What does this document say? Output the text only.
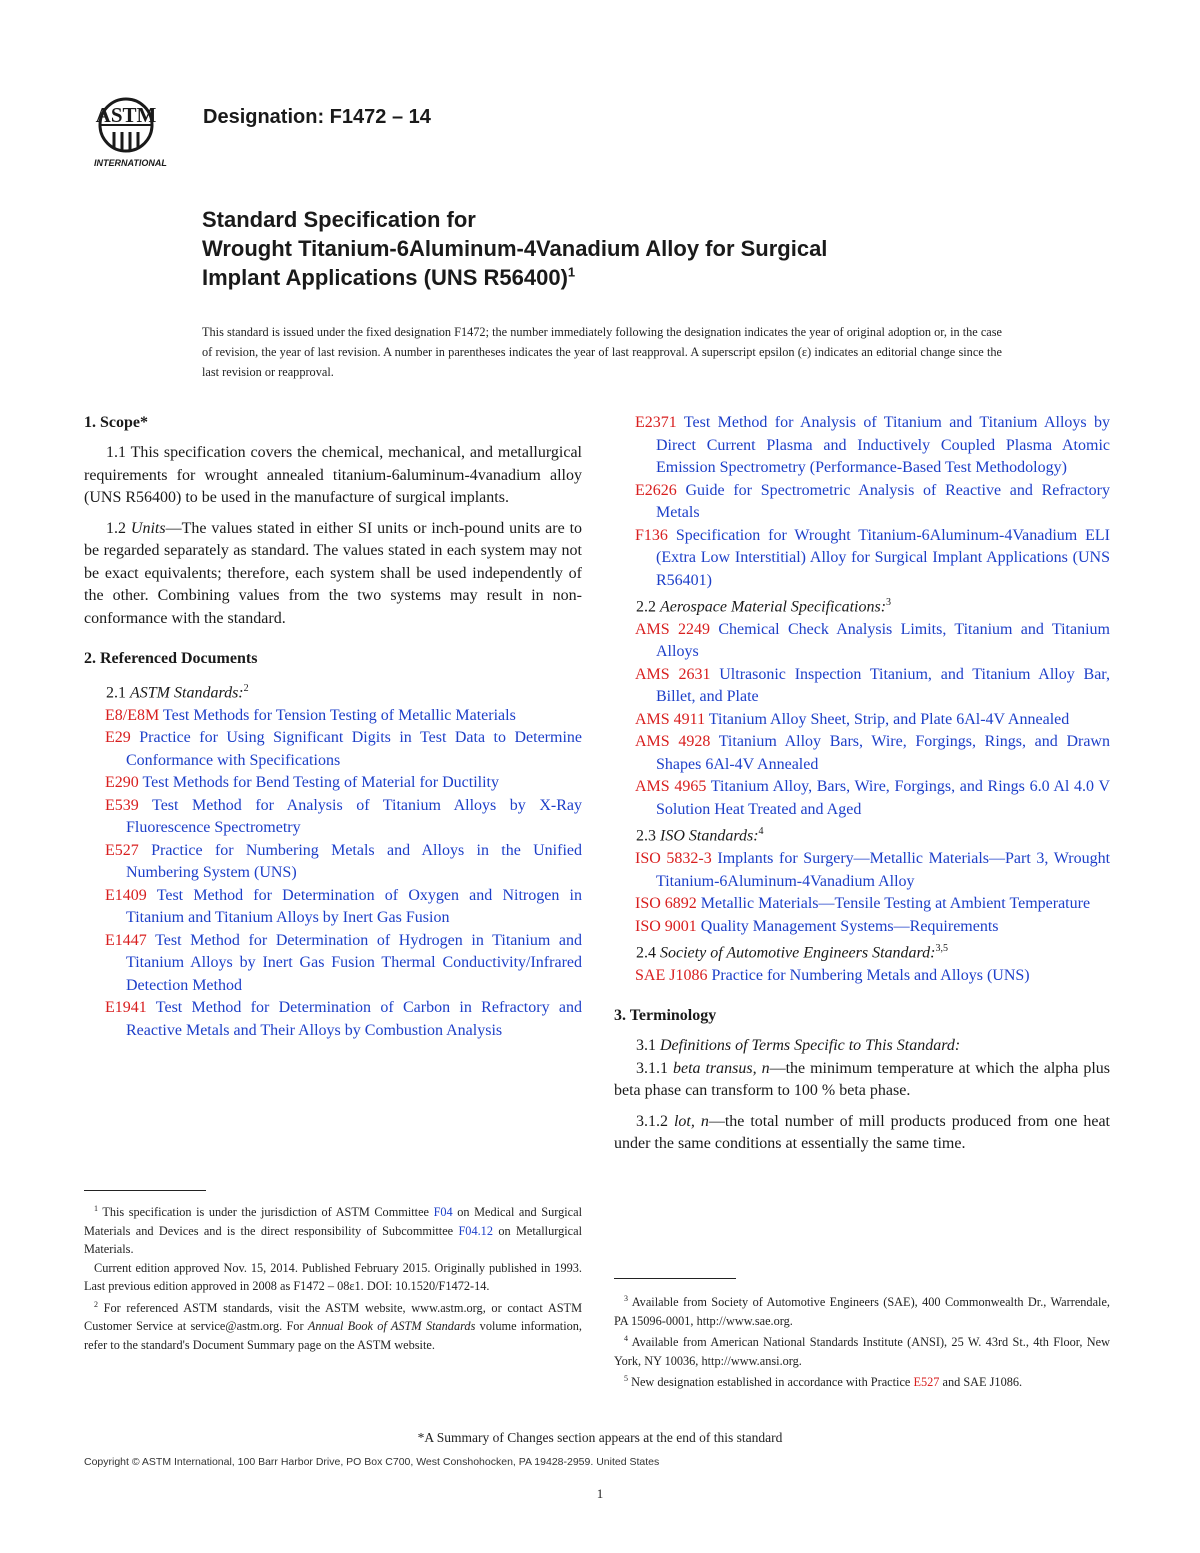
ASTM
INTERNATIONAL
Designation: F1472 – 14
Standard Specification for
Wrought Titanium-6Aluminum-4Vanadium Alloy for Surgical
Implant Applications (UNS R56400)$^1$
This standard is issued under the fixed designation F1472; the number immediately following the designation indicates the year of original adoption or, in the case of revision, the year of last revision. A number in parentheses indicates the year of last reapproval. A superscript epsilon (ε) indicates an editorial change since the last revision or reapproval.
1. Scope*
1.1 This specification covers the chemical, mechanical, and metallurgical requirements for wrought annealed titanium-6aluminum-4vanadium alloy (UNS R56400) to be used in the manufacture of surgical implants.
1.2 Units—The values stated in either SI units or inch-pound units are to be regarded separately as standard. The values stated in each system may not be exact equivalents; therefore, each system shall be used independently of the other. Combining values from the two systems may result in non-conformance with the standard.
2. Referenced Documents
2.1 ASTM Standards:$^2$
E8/E8M Test Methods for Tension Testing of Metallic Materials
E29 Practice for Using Significant Digits in Test Data to Determine Conformance with Specifications
E290 Test Methods for Bend Testing of Material for Ductility
E539 Test Method for Analysis of Titanium Alloys by X-Ray Fluorescence Spectrometry
E527 Practice for Numbering Metals and Alloys in the Unified Numbering System (UNS)
E1409 Test Method for Determination of Oxygen and Nitrogen in Titanium and Titanium Alloys by Inert Gas Fusion
E1447 Test Method for Determination of Hydrogen in Titanium and Titanium Alloys by Inert Gas Fusion Thermal Conductivity/Infrared Detection Method
E1941 Test Method for Determination of Carbon in Refractory and Reactive Metals and Their Alloys by Combustion Analysis
E2371 Test Method for Analysis of Titanium and Titanium Alloys by Direct Current Plasma and Inductively Coupled Plasma Atomic Emission Spectrometry (Performance-Based Test Methodology)
E2626 Guide for Spectrometric Analysis of Reactive and Refractory Metals
F136 Specification for Wrought Titanium-6Aluminum-4Vanadium ELI (Extra Low Interstitial) Alloy for Surgical Implant Applications (UNS R56401)
2.2 Aerospace Material Specifications:$^3$
AMS 2249 Chemical Check Analysis Limits, Titanium and Titanium Alloys
AMS 2631 Ultrasonic Inspection Titanium, and Titanium Alloy Bar, Billet, and Plate
AMS 4911 Titanium Alloy Sheet, Strip, and Plate 6Al-4V Annealed
AMS 4928 Titanium Alloy Bars, Wire, Forgings, Rings, and Drawn Shapes 6Al-4V Annealed
AMS 4965 Titanium Alloy, Bars, Wire, Forgings, and Rings 6.0 Al 4.0 V Solution Heat Treated and Aged
2.3 ISO Standards:$^4$
ISO 5832-3 Implants for Surgery—Metallic Materials—Part 3, Wrought Titanium-6Aluminum-4Vanadium Alloy
ISO 6892 Metallic Materials—Tensile Testing at Ambient Temperature
ISO 9001 Quality Management Systems—Requirements
2.4 Society of Automotive Engineers Standard:$^{3,5}$
SAE J1086 Practice for Numbering Metals and Alloys (UNS)
3. Terminology
3.1 Definitions of Terms Specific to This Standard:
3.1.1 beta transus, n—the minimum temperature at which the alpha plus beta phase can transform to 100 % beta phase.
3.1.2 lot, n—the total number of mill products produced from one heat under the same conditions at essentially the same time.
$^1$ This specification is under the jurisdiction of ASTM Committee F04 on Medical and Surgical Materials and Devices and is the direct responsibility of Subcommittee F04.12 on Metallurgical Materials.
Current edition approved Nov. 15, 2014. Published February 2015. Originally published in 1993. Last previous edition approved in 2008 as F1472 – 08ε1. DOI: 10.1520/F1472-14.
$^2$ For referenced ASTM standards, visit the ASTM website, www.astm.org, or contact ASTM Customer Service at service@astm.org. For Annual Book of ASTM Standards volume information, refer to the standard's Document Summary page on the ASTM website.
$^3$ Available from Society of Automotive Engineers (SAE), 400 Commonwealth Dr., Warrendale, PA 15096-0001, http://www.sae.org.
$^4$ Available from American National Standards Institute (ANSI), 25 W. 43rd St., 4th Floor, New York, NY 10036, http://www.ansi.org.
$^5$ New designation established in accordance with Practice E527 and SAE J1086.
*A Summary of Changes section appears at the end of this standard
Copyright © ASTM International, 100 Barr Harbor Drive, PO Box C700, West Conshohocken, PA 19428-2959. United States
1
